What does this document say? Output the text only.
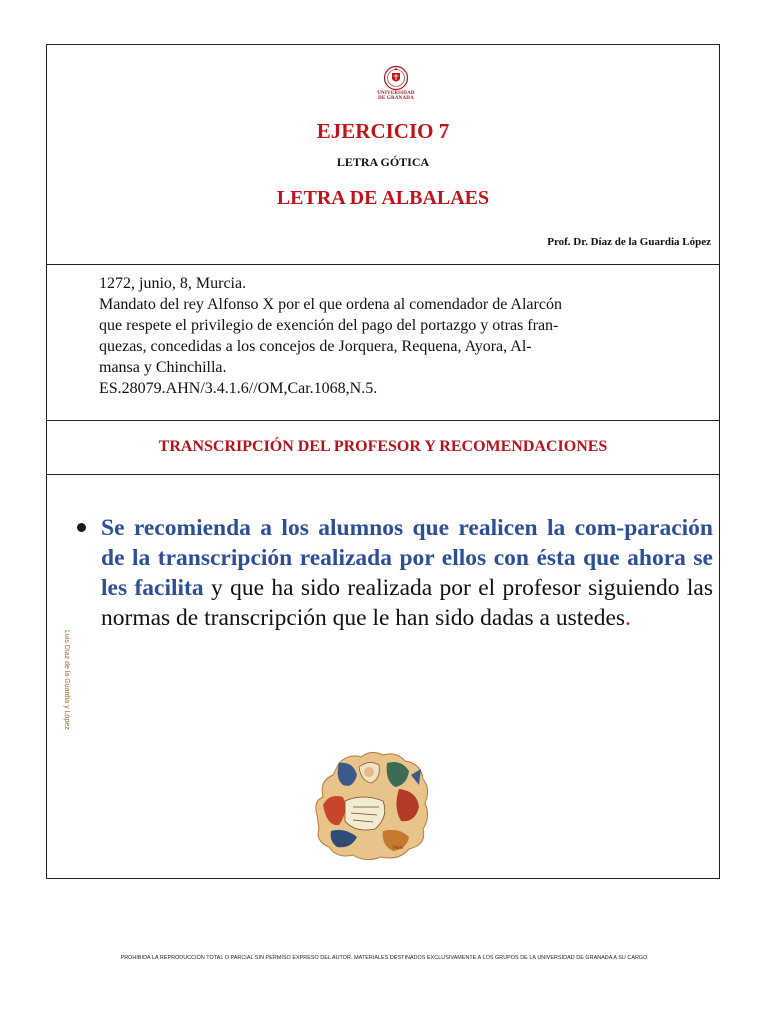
UNIVERSIDAD
DE GRANADA
EJERCICIO 7
LETRA GÓTICA
LETRA DE ALBALAES
Prof. Dr. Díaz de la Guardia López
1272, junio, 8, Murcia.
Mandato del rey Alfonso X por el que ordena al comendador de Alarcón
que respete el privilegio de exención del pago del portazgo y otras fran-
quezas, concedidas a los concejos de Jorquera, Requena, Ayora, Al-
mansa y Chinchilla.
ES.28079.AHN/3.4.1.6//OM,Car.1068,N.5.
TRANSCRIPCIÓN DEL PROFESOR Y RECOMENDACIONES
Se recomienda a los alumnos que realicen la com-paración de la transcripción realizada por ellos con ésta que ahora se les facilita y que ha sido realizada por el profesor siguiendo las normas de transcripción que le han sido dadas a ustedes.
Pinto
Pinto
Luis Díaz de la Guardia y López
PROHIBIDA LA REPRODUCCIÓN TOTAL O PARCIAL SIN PERMISO EXPRESO DEL AUTOR. MATERIALES DESTINADOS EXCLUSIVAMENTE A LOS GRUPOS DE LA UNIVERSIDAD DE GRANADA A SU CARGO
